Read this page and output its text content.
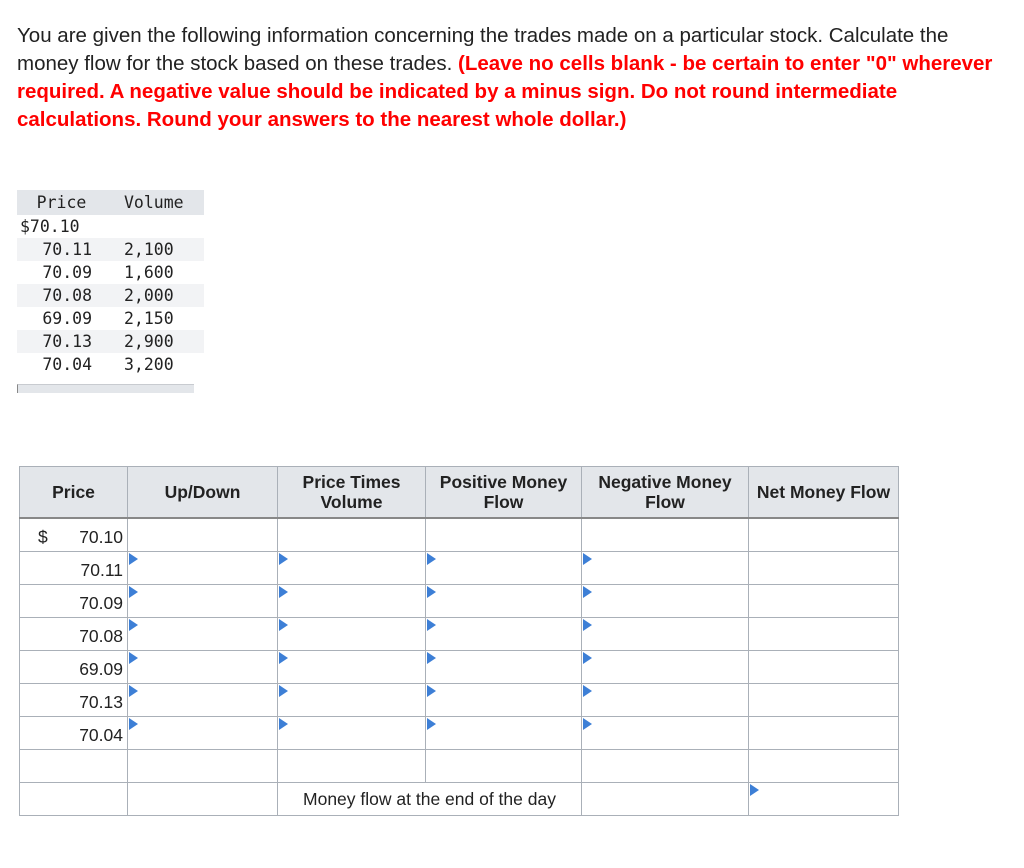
You are given the following information concerning the trades made on a particular stock. Calculate the money flow for the stock based on these trades. (Leave no cells blank - be certain to enter "0" wherever required. A negative value should be indicated by a minus sign. Do not round intermediate calculations. Round your answers to the nearest whole dollar.)

Price	Volume
$70.10	
70.11	2,100
70.09	1,600
70.08	2,000
69.09	2,150
70.13	2,900
70.04	3,200
Price	Up/Down	Price Times Volume	Positive Money Flow	Negative Money Flow	Net Money Flow

$ 70.10					
70.11	

70.09	

70.08	

69.09	

70.13	

70.04	

		Money flow at the end of the day		
